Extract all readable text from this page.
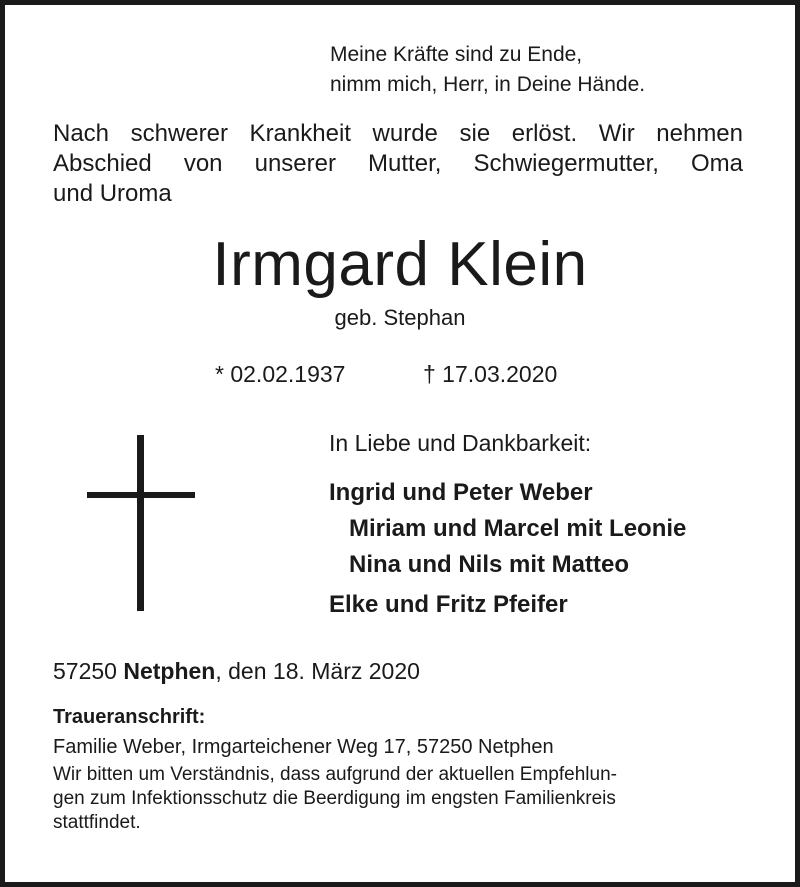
Meine Kräfte sind zu Ende,
nimm mich, Herr, in Deine Hände.
Nach schwerer Krankheit wurde sie erlöst. Wir nehmen
Abschied von unserer Mutter, Schwiegermutter, Oma
und Uroma
Irmgard Klein
geb. Stephan
* 02.02.1937	† 17.03.2020
In Liebe und Dankbarkeit:
Ingrid und Peter Weber
Miriam und Marcel mit Leonie
Nina und Nils mit Matteo
Elke und Fritz Pfeifer
57250 Netphen, den 18. März 2020
Traueranschrift:
Familie Weber, Irmgarteichener Weg 17, 57250 Netphen
Wir bitten um Verständnis, dass aufgrund der aktuellen Empfehlun-
gen zum Infektionsschutz die Beerdigung im engsten Familienkreis
stattfindet.
